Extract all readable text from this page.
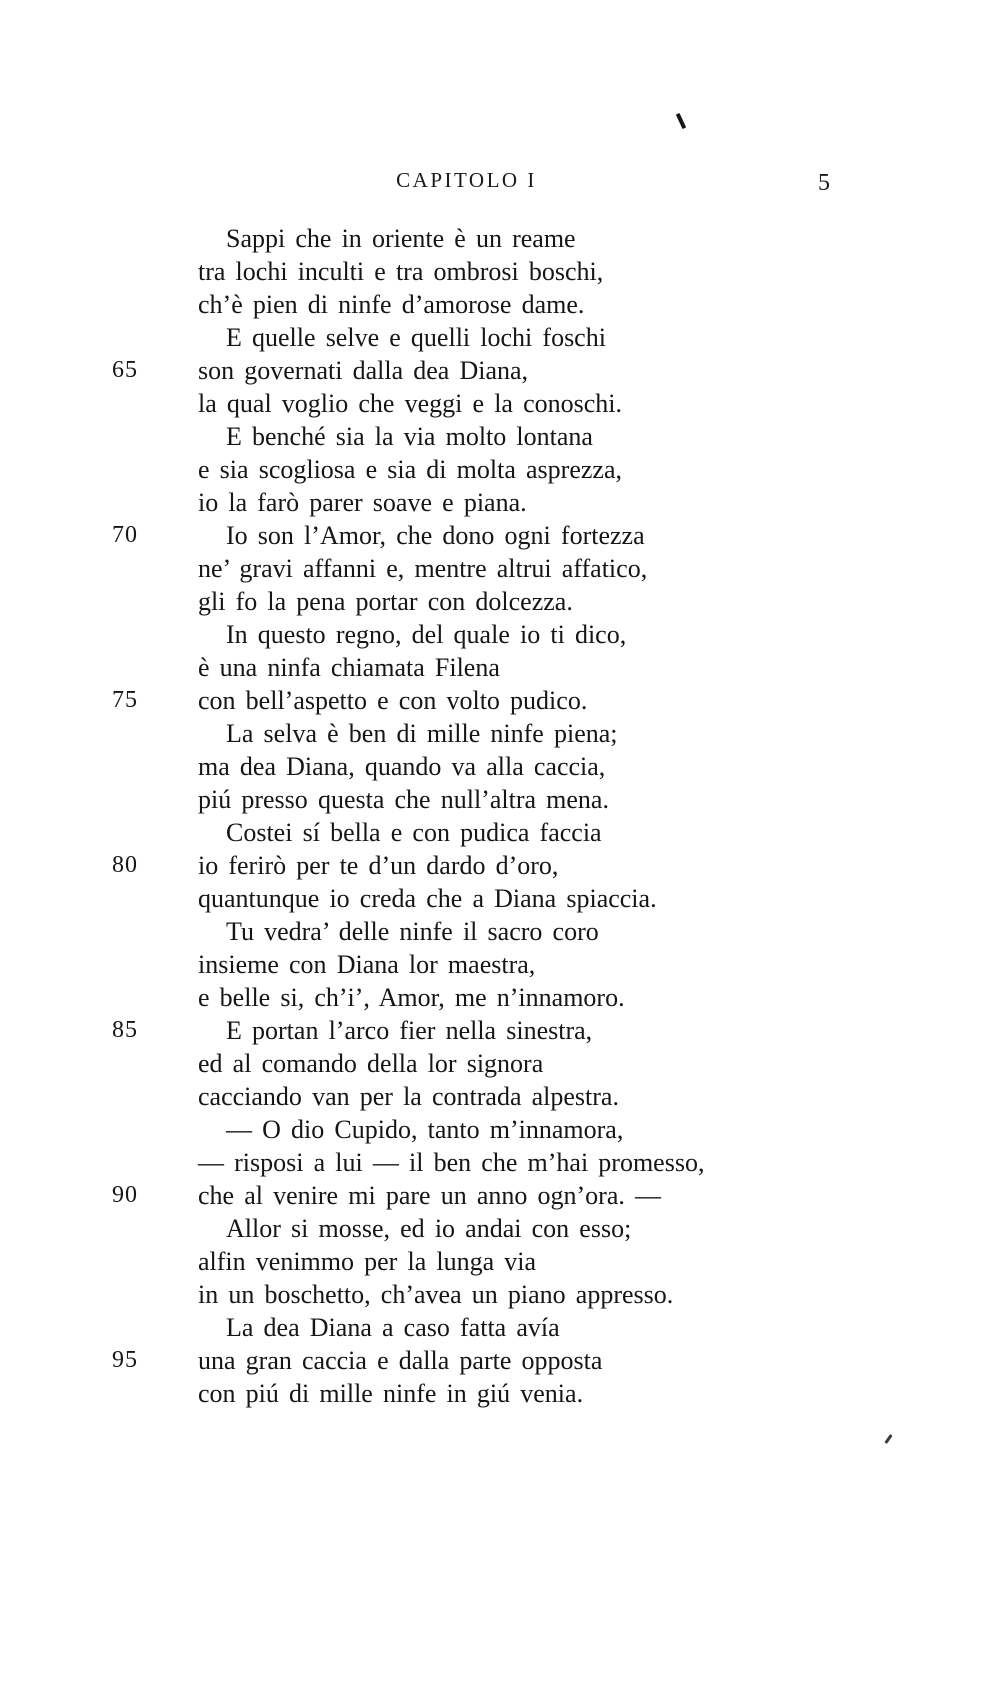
CAPITOLO I	5

Sappi che in oriente è un reame

tra lochi inculti e tra ombrosi boschi,

ch’è pien di ninfe d’amorose dame.

E quelle selve e quelli lochi foschi

65

son governati dalla dea Diana,

la qual voglio che veggi e la conoschi.

E benché sia la via molto lontana

e sia scogliosa e sia di molta asprezza,

io la farò parer soave e piana.

70

	Io son l’Amor, che dono ogni fortezza

ne’ gravi affanni e, mentre altrui affatico,

gli fo la pena portar con dolcezza.

In questo regno, del quale io ti dico,

è una ninfa chiamata Filena

75

con bell’aspetto e con volto pudico.

La selva è ben di mille ninfe piena;

ma dea Diana, quando va alla caccia,

piú presso questa che null’altra mena.

Costei sí bella e con pudica faccia

80

io ferirò per te d’un dardo d’oro,

quantunque io creda che a Diana spiaccia.

Tu vedra’ delle ninfe il sacro coro

insieme con Diana lor maestra,

e belle si, ch’i’, Amor, me n’innamoro.

85

	E portan l’arco fier nella sinestra,

ed al comando della lor signora

cacciando van per la contrada alpestra.

— O dio Cupido, tanto m’innamora,

— risposi a lui — il ben che m’hai promesso,

90

che al venire mi pare un anno ogn’ora. —

Allor si mosse, ed io andai con esso;

alfin venimmo per la lunga via

in un boschetto, ch’avea un piano appresso.

La dea Diana a caso fatta avía

95

una gran caccia e dalla parte opposta

con piú di mille ninfe in giú venia.
